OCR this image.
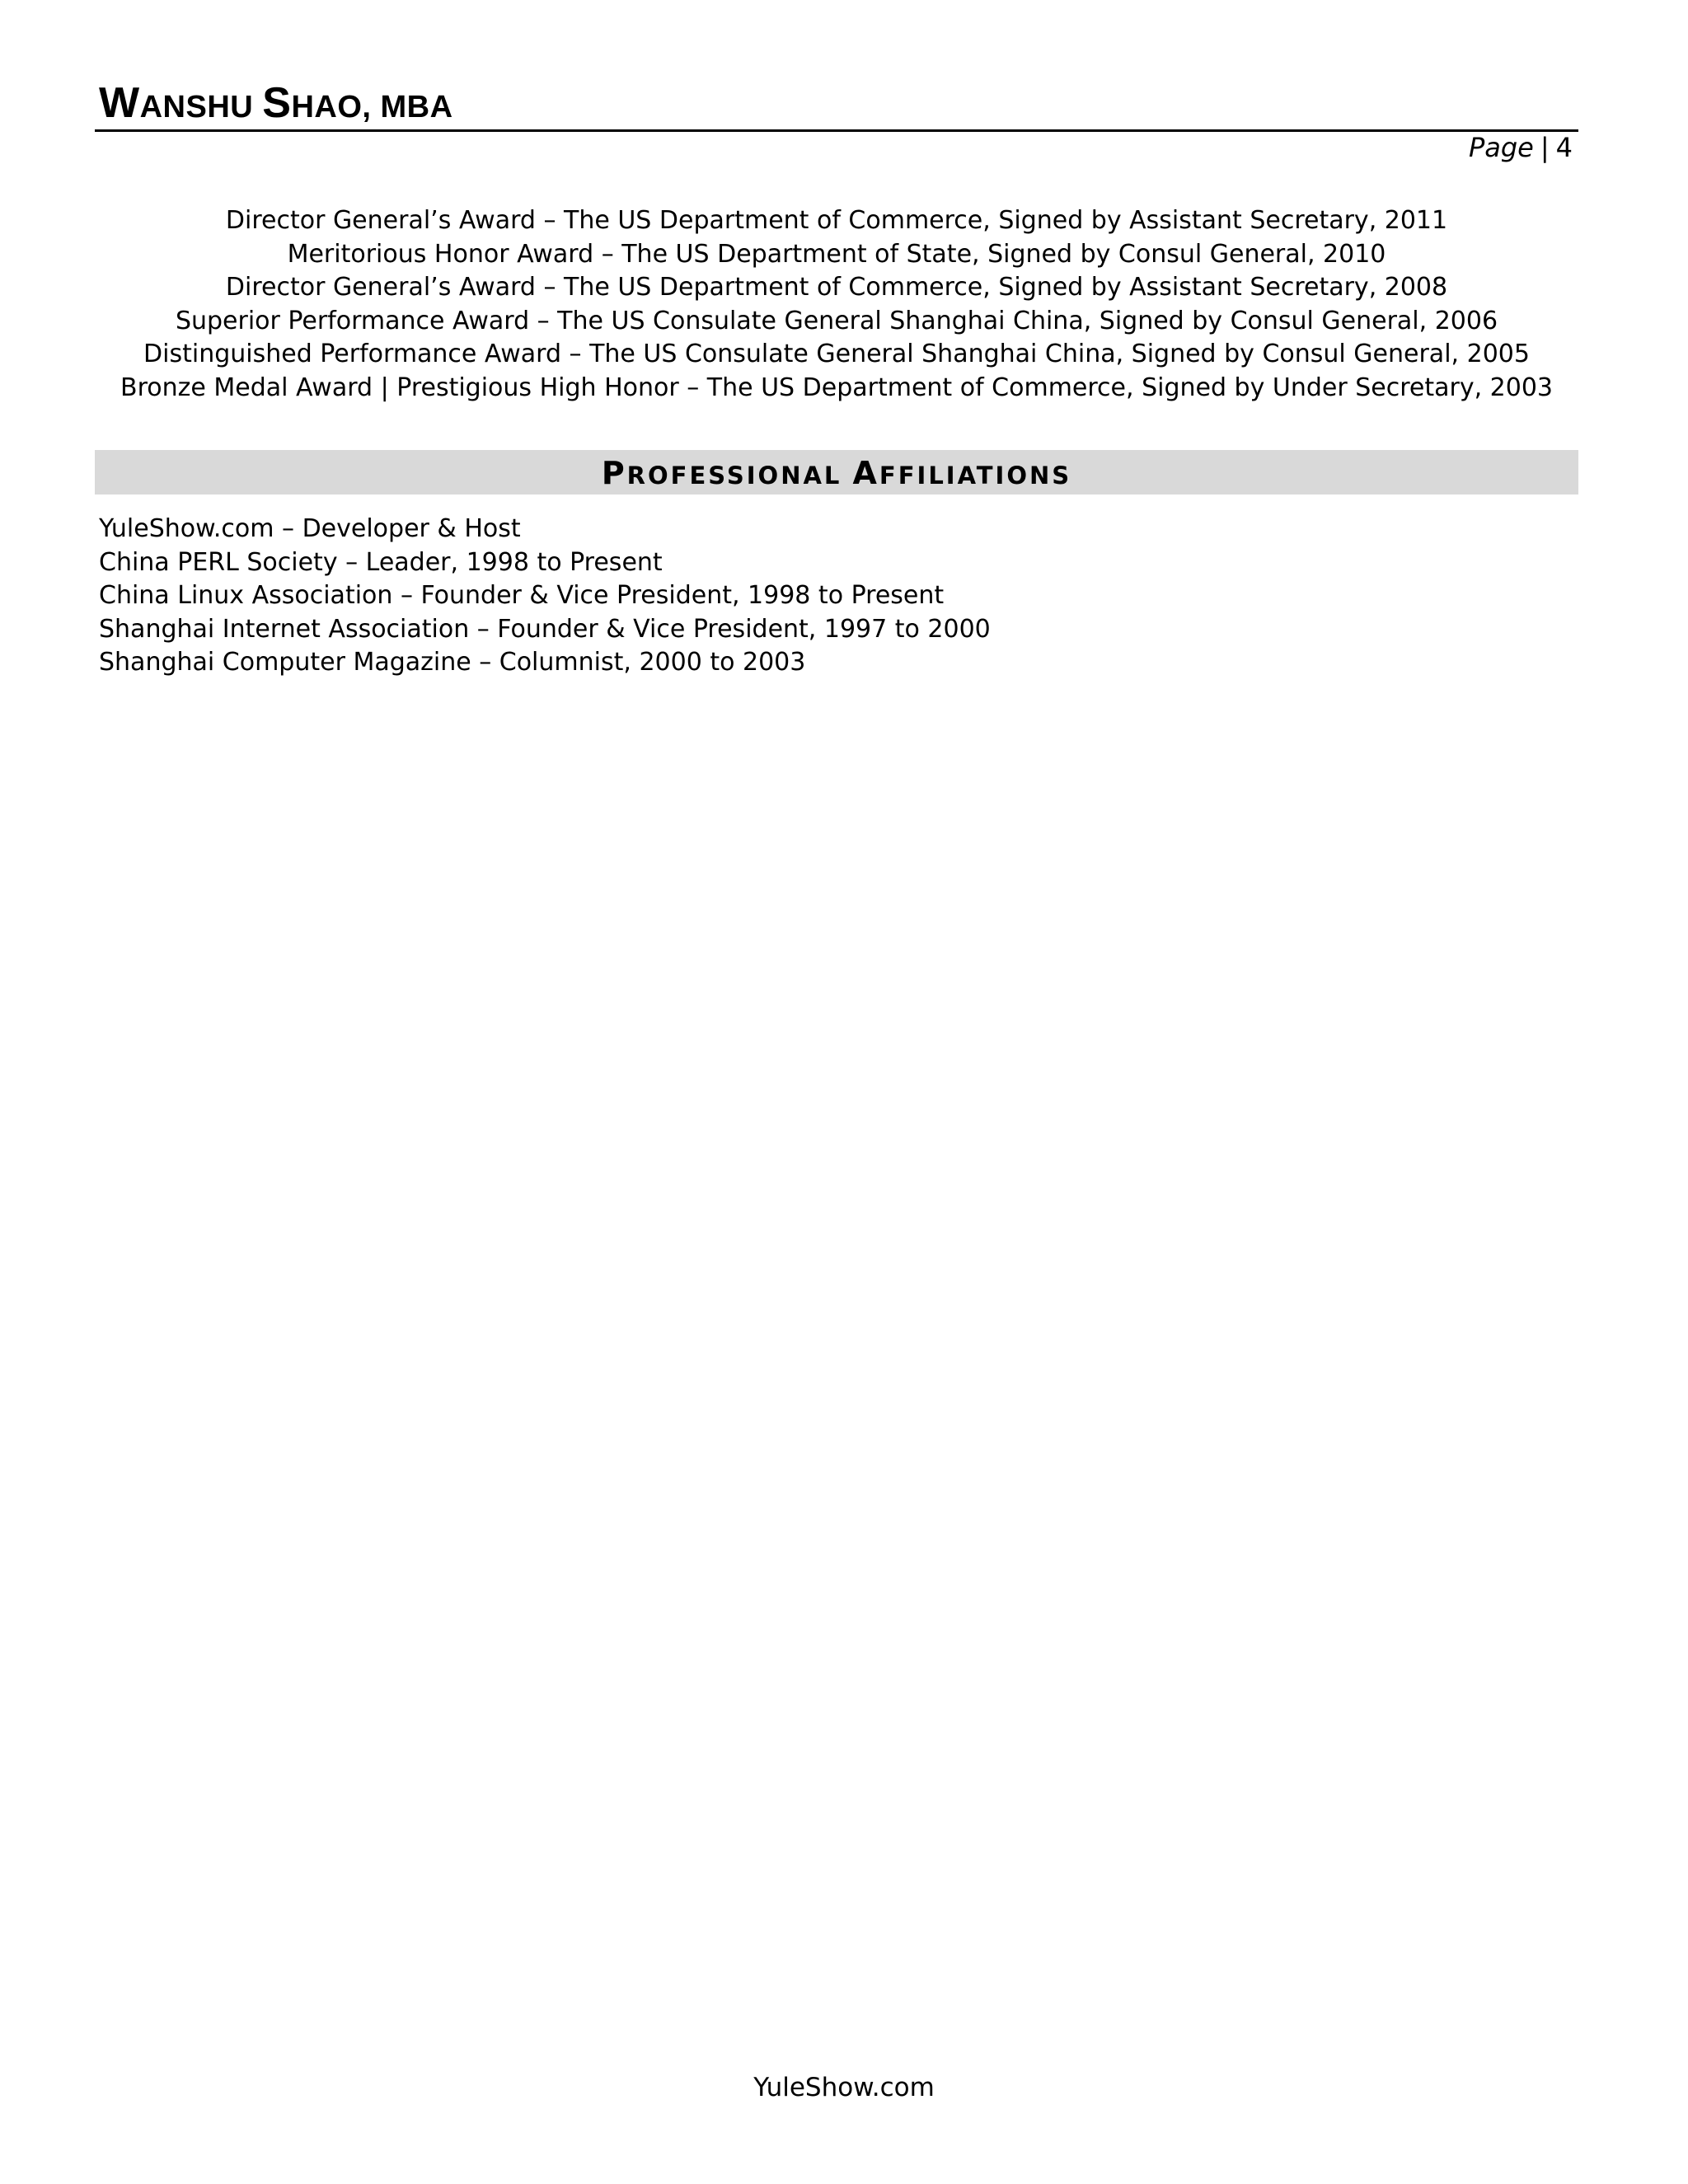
WANSHU SHAO, MBA
Page | 4
Director General’s Award – The US Department of Commerce, Signed by Assistant Secretary, 2011
Meritorious Honor Award – The US Department of State, Signed by Consul General, 2010
Director General’s Award – The US Department of Commerce, Signed by Assistant Secretary, 2008
Superior Performance Award – The US Consulate General Shanghai China, Signed by Consul General, 2006
Distinguished Performance Award – The US Consulate General Shanghai China, Signed by Consul General, 2005
Bronze Medal Award | Prestigious High Honor – The US Department of Commerce, Signed by Under Secretary, 2003
PROFESSIONAL AFFILIATIONS
YuleShow.com – Developer & Host
China PERL Society – Leader, 1998 to Present
China Linux Association – Founder & Vice President, 1998 to Present
Shanghai Internet Association – Founder & Vice President, 1997 to 2000
Shanghai Computer Magazine – Columnist, 2000 to 2003
YuleShow.com
